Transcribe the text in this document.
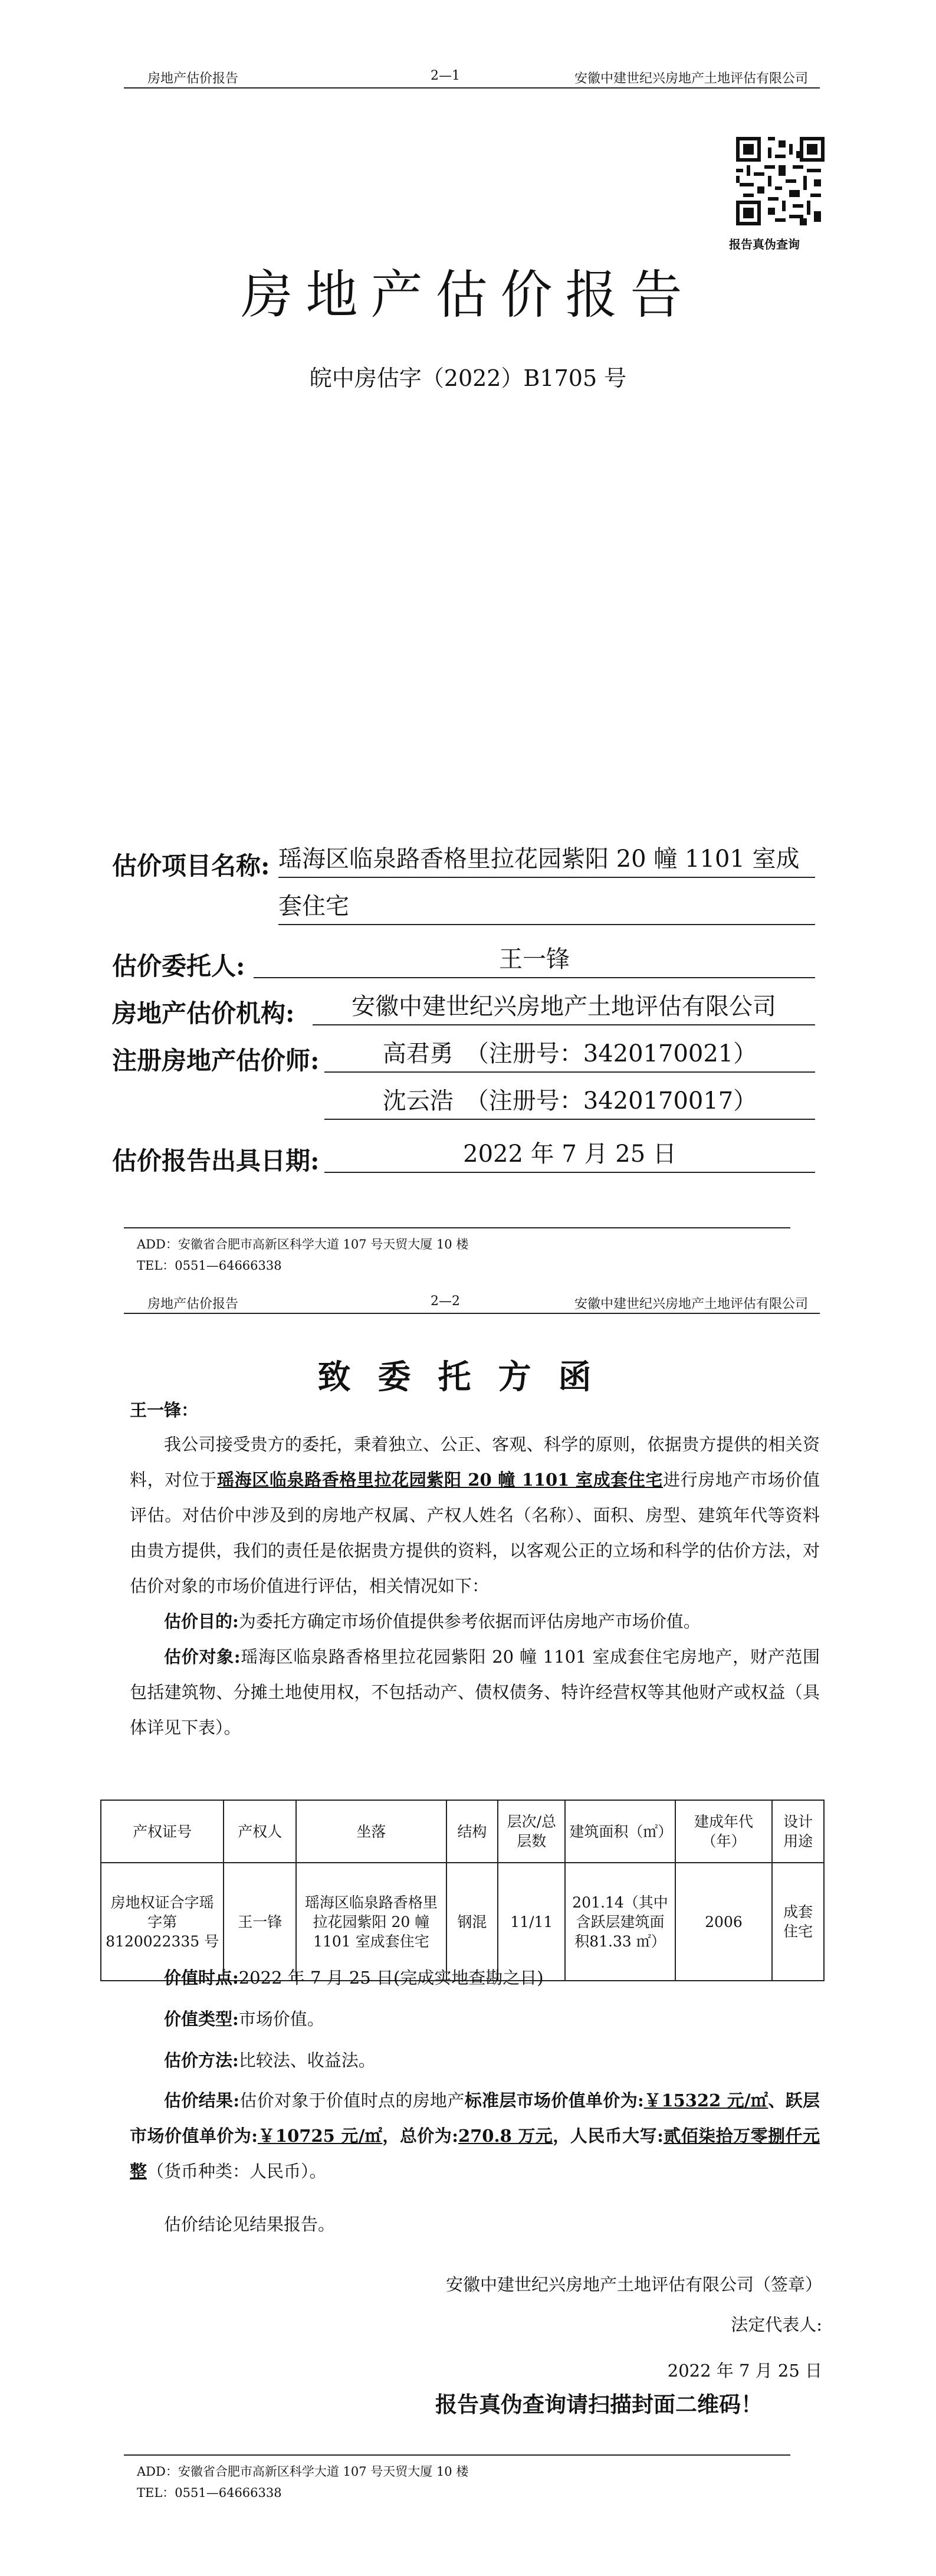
房地产估价报告	2—1	安徽中建世纪兴房地产土地评估有限公司
报告真伪查询
房地产估价报告
皖中房估字（2022）B1705 号
估价项目名称: 瑶海区临泉路香格里拉花园紫阳 20 幢 1101 室成
套住宅
估价委托人:	王一锋
房地产估价机构:	安徽中建世纪兴房地产土地评估有限公司
注册房地产估价师:	高君勇　（注册号：3420170021）
沈云浩　（注册号：3420170017）
估价报告出具日期:	2022 年 7 月 25 日
ADD：安徽省合肥市高新区科学大道 107 号天贸大厦 10 楼
TEL：0551—64666338
房地产估价报告	2—2	安徽中建世纪兴房地产土地评估有限公司
致委托方函
王一锋：
我公司接受贵方的委托，秉着独立、公正、客观、科学的原则，依据贵方提供的相关资料，对位于瑶海区临泉路香格里拉花园紫阳 20 幢 1101 室成套住宅进行房地产市场价值评估。对估价中涉及到的房地产权属、产权人姓名（名称）、面积、房型、建筑年代等资料由贵方提供，我们的责任是依据贵方提供的资料，以客观公正的立场和科学的估价方法，对估价对象的市场价值进行评估，相关情况如下：
估价目的:为委托方确定市场价值提供参考依据而评估房地产市场价值。
估价对象:瑶海区临泉路香格里拉花园紫阳 20 幢 1101 室成套住宅房地产，财产范围包括建筑物、分摊土地使用权，不包括动产、债权债务、特许经营权等其他财产或权益（具体详见下表）。
产权证号	产权人	坐落	结构	层次/总层数	建筑面积（㎡）	建成年代（年）	设计用途
房地权证合字瑶字第8120022335 号	王一锋	瑶海区临泉路香格里拉花园紫阳 20 幢 1101 室成套住宅	钢混	11/11	201.14（其中含跃层建筑面积81.33 ㎡）	2006	成套住宅
价值时点:2022 年 7 月 25 日(完成实地查勘之日)
价值类型:市场价值。
估价方法:比较法、收益法。
估价结果:估价对象于价值时点的房地产标准层市场价值单价为:￥15322 元/㎡、跃层市场价值单价为:￥10725 元/㎡，总价为:270.8 万元，人民币大写:贰佰柒拾万零捌仟元整（货币种类：人民币）。
估价结论见结果报告。
安徽中建世纪兴房地产土地评估有限公司（签章）
法定代表人:
2022 年 7 月 25 日
报告真伪查询请扫描封面二维码！
ADD：安徽省合肥市高新区科学大道 107 号天贸大厦 10 楼
TEL：0551—64666338
